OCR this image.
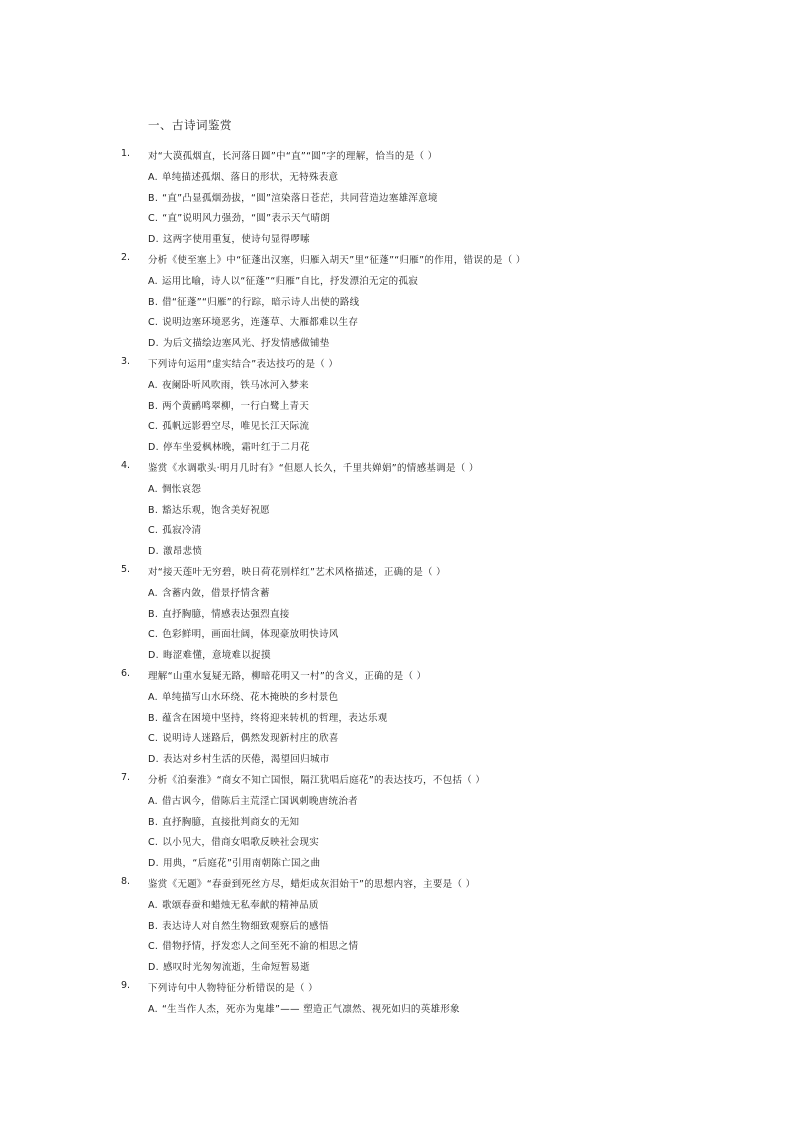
一、古诗词鉴赏
1. 对“大漠孤烟直，长河落日圆”中“直”“圆”字的理解，恰当的是（ ）
A. 单纯描述孤烟、落日的形状，无特殊表意
B. “直”凸显孤烟劲拔，“圆”渲染落日苍茫，共同营造边塞雄浑意境
C. “直”说明风力强劲，“圆”表示天气晴朗
D. 这两字使用重复，使诗句显得啰嗦
2. 分析《使至塞上》中“征蓬出汉塞，归雁入胡天”里“征蓬”“归雁”的作用，错误的是（ ）
A. 运用比喻，诗人以“征蓬”“归雁”自比，抒发漂泊无定的孤寂
B. 借“征蓬”“归雁”的行踪，暗示诗人出使的路线
C. 说明边塞环境恶劣，连蓬草、大雁都难以生存
D. 为后文描绘边塞风光、抒发情感做铺垫
3. 下列诗句运用“虚实结合”表达技巧的是（ ）
A. 夜阑卧听风吹雨，铁马冰河入梦来
B. 两个黄鹂鸣翠柳，一行白鹭上青天
C. 孤帆远影碧空尽，唯见长江天际流
D. 停车坐爱枫林晚，霜叶红于二月花
4. 鉴赏《水调歌头·明月几时有》“但愿人长久，千里共婵娟”的情感基调是（ ）
A. 惆怅哀怨
B. 豁达乐观，饱含美好祝愿
C. 孤寂冷清
D. 激昂悲愤
5. 对“接天莲叶无穷碧，映日荷花别样红”艺术风格描述，正确的是（ ）
A. 含蓄内敛，借景抒情含蓄
B. 直抒胸臆，情感表达强烈直接
C. 色彩鲜明，画面壮阔，体现豪放明快诗风
D. 晦涩难懂，意境难以捉摸
6. 理解“山重水复疑无路，柳暗花明又一村”的含义，正确的是（ ）
A. 单纯描写山水环绕、花木掩映的乡村景色
B. 蕴含在困境中坚持，终将迎来转机的哲理，表达乐观
C. 说明诗人迷路后，偶然发现新村庄的欣喜
D. 表达对乡村生活的厌倦，渴望回归城市
7. 分析《泊秦淮》“商女不知亡国恨，隔江犹唱后庭花”的表达技巧，不包括（ ）
A. 借古讽今，借陈后主荒淫亡国讽刺晚唐统治者
B. 直抒胸臆，直接批判商女的无知
C. 以小见大，借商女唱歌反映社会现实
D. 用典，“后庭花”引用南朝陈亡国之曲
8. 鉴赏《无题》“春蚕到死丝方尽，蜡炬成灰泪始干”的思想内容，主要是（ ）
A. 歌颂春蚕和蜡烛无私奉献的精神品质
B. 表达诗人对自然生物细致观察后的感悟
C. 借物抒情，抒发恋人之间至死不渝的相思之情
D. 感叹时光匆匆流逝，生命短暂易逝
9. 下列诗句中人物特征分析错误的是（ ）
A. “生当作人杰，死亦为鬼雄”—— 塑造正气凛然、视死如归的英雄形象
